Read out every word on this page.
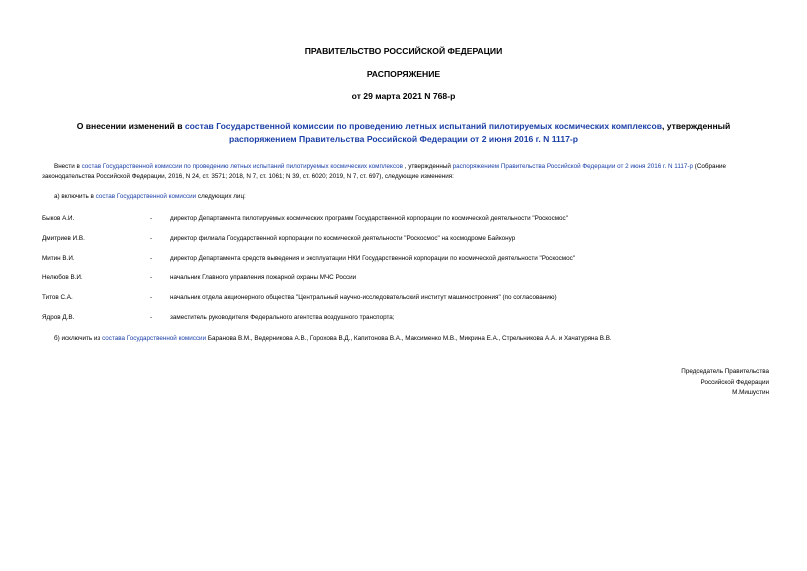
ПРАВИТЕЛЬСТВО РОССИЙСКОЙ ФЕДЕРАЦИИ
РАСПОРЯЖЕНИЕ
от 29 марта 2021 N 768-р
О внесении изменений в состав Государственной комиссии по проведению летных испытаний пилотируемых космических комплексов, утвержденный
распоряжением Правительства Российской Федерации от 2 июня 2016 г. N 1117-р
Внести в состав Государственной комиссии по проведению летных испытаний пилотируемых космических комплексов , утвержденный распоряжением Правительства Российской Федерации от 2 июня 2016 г. N 1117-р (Собрание законодательства Российской Федерации, 2016, N 24, ст. 3571; 2018, N 7, ст. 1061; N 39, ст. 6020; 2019, N 7, ст. 697), следующие изменения:
а) включить в состав Государственной комиссии следующих лиц:
Быков А.И.	-	директор Департамента пилотируемых космических программ Государственной корпорации по космической деятельности "Роскосмос"
Дмитриев И.В.	-	директор филиала Государственной корпорации по космической деятельности "Роскосмос" на космодроме Байконур
Митин В.И.	-	директор Департамента средств выведения и эксплуатации НКИ Государственной корпорации по космической деятельности "Роскосмос"
Нелюбов В.И.	-	начальник Главного управления пожарной охраны МЧС России
Титов С.А.	-	начальник отдела акционерного общества "Центральный научно-исследовательский институт машиностроения" (по согласованию)
Ядров Д.В.	-	заместитель руководителя Федерального агентства воздушного транспорта;
б) исключить из состава Государственной комиссии Баранова В.М., Ведерникова А.В., Горохова В.Д., Капитонова В.А., Максименко М.В., Микрина Е.А., Стрельникова А.А. и Хачатуряна В.В.
Председатель Правительства
Российской Федерации
М.Мишустин
